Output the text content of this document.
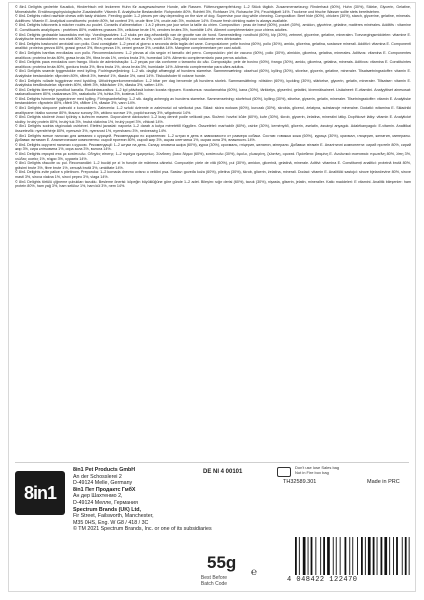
© 8in1 Delights gedrehte Kaustick, Hinderfrisch mit leckerem Huhn für ausgewachsene Hunde, alle Rassen. Fütterungsempfehlung: 1–2 Stück täglich. Zusammensetzung: Rinderhaut (60%), Huhn (30%), Stärke, Glycerin, Gelatine, Mineralstoffe. Ernährungsphysiologische Zusatzstoffe: Vitamin E. Analytische Bestandteile: Rohprotein 80%, Rohfett 3%, Rohfaser 1%, Rohasche 3%, Feuchtigkeit 14%. Trockene und frische Wasser sollte stets bereitstehen.

© 8in1 Delights rolled rawhide chews with tasty chicken. Feeding guide: 1–2 pieces per day depending on the size of dog. Supervise your dog while chewing. Composition: Beef hide (60%), chicken (30%), starch, glycerine, gelatine, minerals. Additives: Vitamin E. Analytical constituents: protein 80%, fat content 3%, crude fibre 1%, crude ash 3%, moisture 14%. Ensure fresh drinking water is always available.

© 8in1 Delights bâtonnets à mâcher roulés au poulet. Conseils d’alimentation : 1 à 2 pièces par jour selon la taille du chien. Composition : peau de bœuf (60%), poulet (30%), amidon, glycérine, gélatine, matières minérales. Additifs : vitamine E. Constituants analytiques : protéines 80%, matières grasses 3%, cellulose brute 1%, cendres brutes 3%, humidité 14%. Aliment complémentaire pour chiens adultes.

© 8in1 Delights gedraaide kauwsticks met kip. Voedingsadvies: 1–2 stuks per dag afhankelijk van de grootte van de hond. Samenstelling: rundhuid (60%), kip (30%), zetmeel, glycerine, gelatine, mineralen. Toevoegingsmiddelen: vitamine E. Analytische bestanddelen: ruw eiwit 80%, ruw vet 3%, ruwe celstof 1%, ruwe as 3%, vocht 14%. Zorg altijd voor voldoende vers drinkwater.

© 8in1 Delights bastoncini arrotolati con pollo. Dosi consigliate: 1–2 pezzi al giorno a seconda della taglia del cane. Composizione: pelle bovina (60%), pollo (30%), amido, glicerina, gelatina, sostanze minerali. Additivi: vitamina E. Componenti analitici: proteina grezza 80%, grassi grezzi 3%, fibra grezza 1%, ceneri grezze 3%, umidità 14%. Mangime complementare per cani adulti.

© 8in1 Delights barritas enrolladas con pollo. Recomendaciones: 1–2 piezas al día según el tamaño del perro. Composición: piel de vacuno (60%), pollo (30%), almidón, glicerina, gelatina, minerales. Aditivos: vitamina E. Componentes analíticos: proteína bruta 80%, grasa bruta 3%, fibra bruta 1%, ceniza bruta 3%, humedad 14%. Alimento complementario para perros adultos.

© 8in1 Delights paus enrolados com frango. Modo de administração: 1–2 peças por dia conforme o tamanho do cão. Composição: pele de bovino (60%), frango (30%), amido, glicerina, gelatina, minerais. Aditivos: vitamina E. Constituintes analíticos: proteína bruta 80%, gordura bruta 3%, fibra bruta 1%, cinza bruta 3%, humidade 14%. Alimento complementar para cães adultos.

© 8in1 Delights snøede tyggestokke med kylling. Fodringsvejledning: 1–2 stk. dagligt afhængigt af hundens størrelse. Sammensætning: oksehud (60%), kylling (30%), stivelse, glycerin, gelatine, mineraler. Tilsatsætningsstoffer: vitamin E. Analytiske bestanddele: råprotein 80%, råfedt 3%, træstof 1%, råaske 3%, vand 14%. Tilskudsfoder til voksne hunde.

© 8in1 Delights rullade tuggpinnar med kyckling. Utfodringsrekommendation: 1–2 bitar per dag beroende på hundens storlek. Sammansättning: nötskinn (60%), kyckling (30%), stärkelse, glycerin, gelatin, mineraler. Tillsatser: vitamin E. Analytiska beståndsdelar: råprotein 80%, råfett 3%, trådräcker 1%, råaska 3%, vatten 14%.

© 8in1 Delights kierretyt purutikut kanalla. Ruokintasuositus: 1–2 kpl päivässä koiran koosta riippuen. Koostumus: naudannahka (60%), kana (30%), tärkkelys, glyseriini, gelatiini, kivennäisaineet. Lisäaineet: E-vitamiini. Analyyttiset ainesosat: raakavalkuainen 80%, raakarasva 3%, raakakuitu 1%, tuhka 3%, kosteus 14%.

© 8in1 Delights tvinnede tyggepinner med kylling. Fôringsanbefaling: 1–2 stk. daglig avhengig av hundens størrelse. Sammensetning: storfehud (60%), kylling (30%), stivelse, glyserin, gelatin, mineraler. Tilsetningsstoffer: vitamin E. Analytiske bestanddeler: råprotein 80%, råfett 3%, råfiber 1%, råaske 3%, vann 14%.

© 8in1 Delights skręcone pałeczki z kurczakiem. Zalecenia: 1–2 sztuki dziennie w zależności od wielkości psa. Skład: skóra wołowa (60%), kurczak (30%), skrobia, glicerol, żelatyna, substancje mineralne. Dodatki: witamina E. Składniki analityczne: białko surowe 80%, tłuszcz surowy 3%, włókno surowe 1%, popiół surowy 3%, wilgotność 14%.

© 8in1 Delights stočené žvací tyčinky s kuřecím masem. Doporučené dávkování: 1–2 kusy denně podle velikosti psa. Složení: hovězí kůže (60%), kuře (30%), škrob, glycerin, želatina, minerální látky. Doplňkové látky: vitamin E. Analytické složky: hrubý protein 80%, hrubý tuk 3%, hrubá vláknina 1%, hrubý popel 3%, vlhkost 14%.

© 8in1 Delights sodrás rágórudak csirkével. Etetési javaslat: naponta 1–2 darab a kutya méretétől függően. Összetétel: marhabőr (60%), csirke (30%), keményítő, glicerin, zselatin, ásványi anyagok. Adalékanyagok: E-vitamin. Analitikai összetevők: nyersfehérje 80%, nyerszsír 3%, nyersrost 1%, nyershamu 3%, nedvesség 14%.

© 8in1 Delights витые палочки для жевания с курицей. Рекомендации по кормлению: 1–2 штуки в день в зависимости от размера собаки. Состав: говяжья кожа (60%), курица (30%), крахмал, глицерин, желатин, минералы. Добавки: витамин E. Аналитические компоненты: сырой протеин 80%, сырой жир 3%, сырая клетчатка 1%, сырая зола 3%, влажность 14%.

© 8in1 Delights скручені палички з куркою. Рекомендації: 1–2 штуки на день. Склад: яловича шкіра (60%), курка (30%), крохмаль, гліцерин, желатин, мінерали. Добавки: вітамін E. Аналітичні компоненти: сирий протеїн 80%, сирий жир 3%, сира клітковина 1%, сира зола 3%, волога 14%.

© 8in1 Delights στριφτά στικ με κοτόπουλο. Οδηγίες σίτισης: 1–2 τεμάχια ημερησίως. Σύνθεση: βοειο δέρμα (60%), κοτόπουλο (30%), άμυλο, γλυκερίνη, ζελατίνη, ορυκτά. Πρόσθετα: βιταμίνη E. Αναλυτικά συστατικά: πρωτεΐνη 80%, λίπη 3%, ινώδεις ουσίες 1%, τέφρα 3%, υγρασία 14%.

© 8in1 Delights răsucite cu pui. Recomandări: 1–2 bucăți pe zi în funcție de mărimea câinelui. Compoziție: piele de vită (60%), pui (30%), amidon, glicerină, gelatină, minerale. Aditivi: vitamina E. Constituenți analitici: proteină brută 80%, grăsimi brute 3%, fibre brute 1%, cenușă brută 3%, umiditate 14%.

© 8in1 Delights zvite palice s piletinom. Preporuka: 1–2 komada dnevno ovisno o veličini psa. Sastav: goveđa koža (60%), piletina (30%), škrob, glicerin, želatina, minerali. Dodaci: vitamin E. Analitički sastojci: sirove bjelančevine 80%, sirove masti 3%, sirova vlakna 1%, sirovi pepeo 3%, vlaga 14%.

© 8in1 Delights törtülü çiğneme çubukları tavuklu. Besleme önerisi: köpeğin büyüklüğüne göre günde 1–2 adet. Bileşim: sığır derisi (60%), tavuk (30%), nişasta, gliserin, jelatin, mineraller. Katkı maddeleri: E vitamini. Analitik bileşenler: ham protein 80%, ham yağ 3%, ham selüloz 1%, ham kül 3%, nem 14%.

8in1
8in1 Pet Products GmbH
An der Schosslerei 2
D-49124 Melle, Germany
8in1 Пет Продактс ГмбХ
Ан дер Шахтенмо 2,
D-49124 Мелле, Германия
Spectrum Brands (UK) Ltd,
Fir Street, Failsworth, Manchester,
M35 0HS, Eng. W G8 / 418 / 3C
© TM 2021 Spectrum Brands, Inc. or one of its subsidiaries
DE NI 4 00101
Don't use lose Sales bag Not in Fire box bag
TH32589.301	Made in PRC
55g
℮
4 048422 122470
Best Before
Batch Code
